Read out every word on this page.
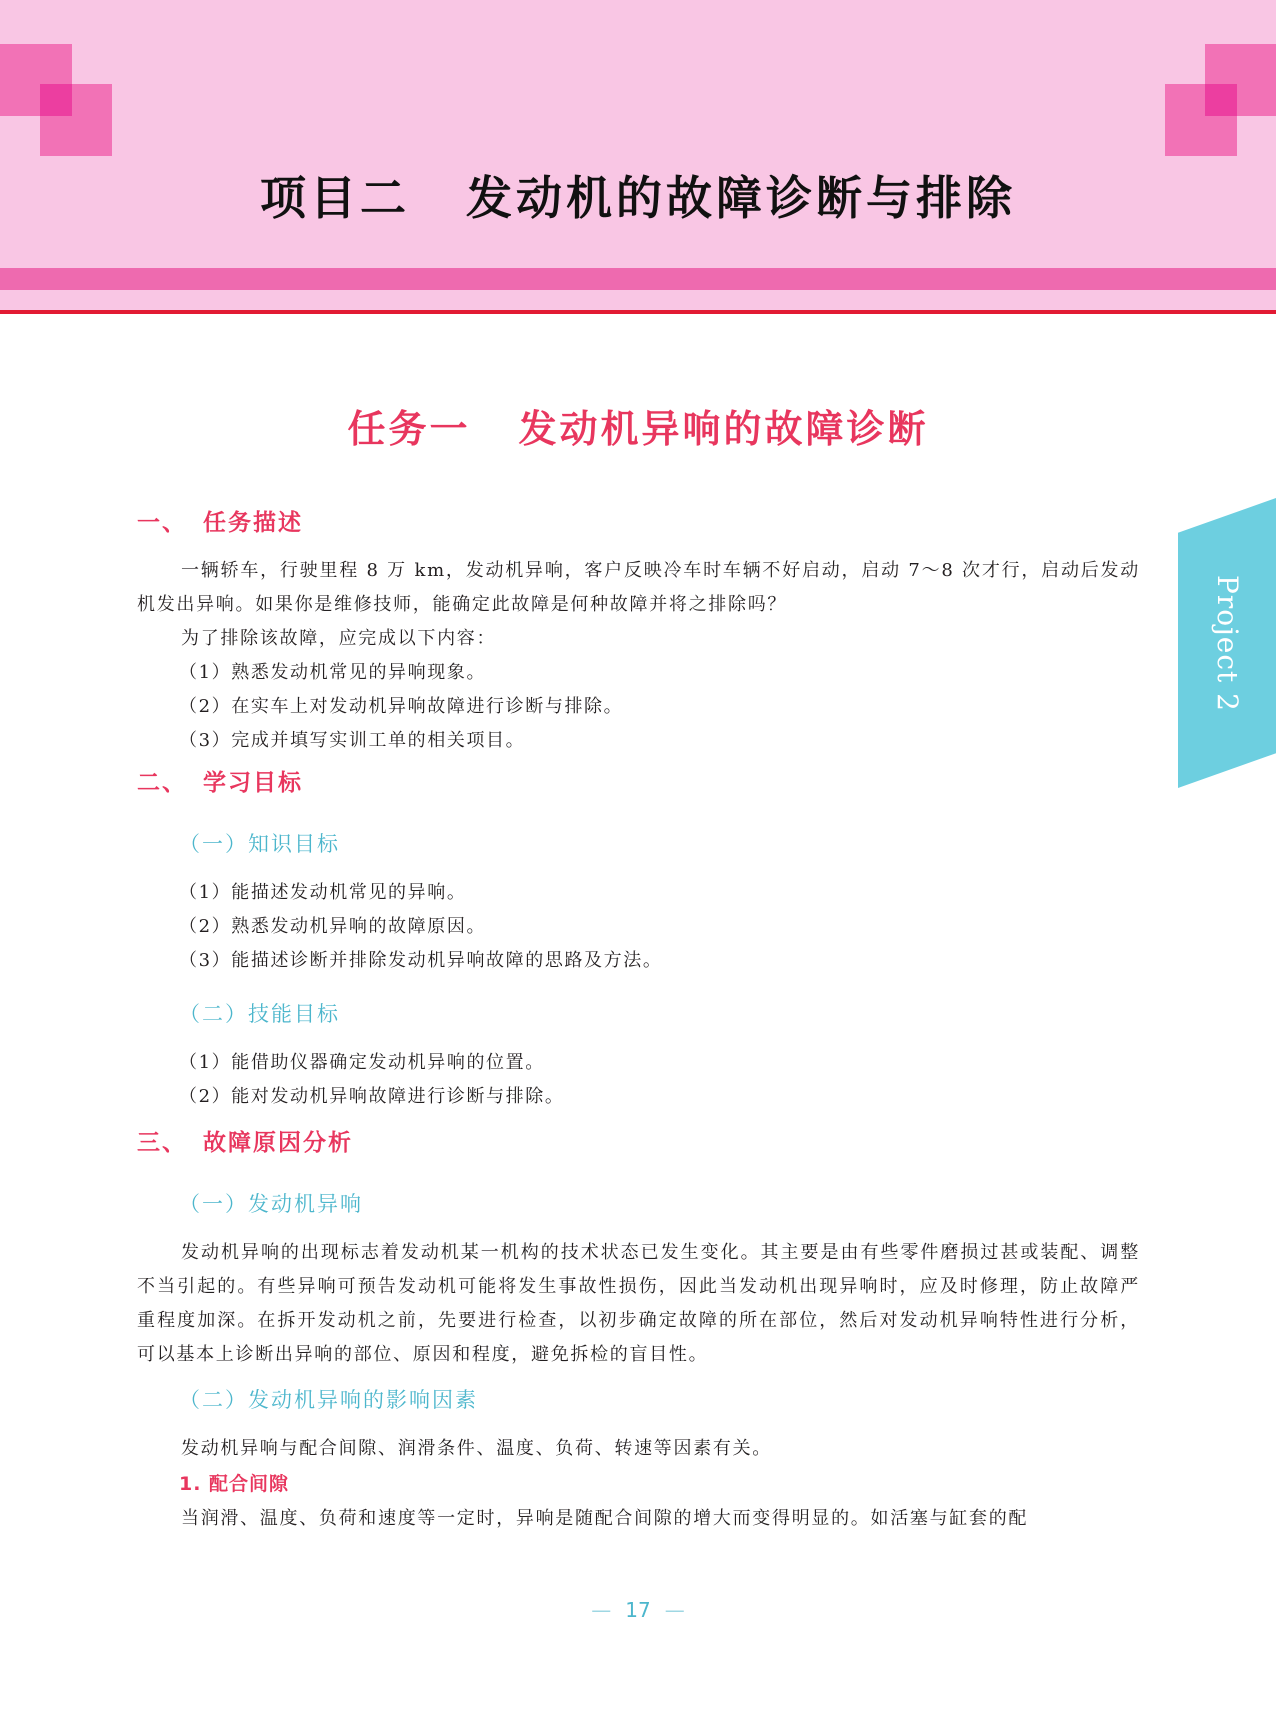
项目二 发动机的故障诊断与排除
任务一 发动机异响的故障诊断
Project 2
一、 任务描述

一辆轿车，行驶里程 8 万 km，发动机异响，客户反映冷车时车辆不好启动，启动 7～8 次才行，启动后发动机发出异响。如果你是维修技师，能确定此故障是何种故障并将之排除吗？

为了排除该故障，应完成以下内容：

（1）熟悉发动机常见的异响现象。
（2）在实车上对发动机异响故障进行诊断与排除。
（3）完成并填写实训工单的相关项目。
二、 学习目标
（一）知识目标
（1）能描述发动机常见的异响。
（2）熟悉发动机异响的故障原因。
（3）能描述诊断并排除发动机异响故障的思路及方法。
（二）技能目标
（1）能借助仪器确定发动机异响的位置。
（2）能对发动机异响故障进行诊断与排除。
三、 故障原因分析
（一）发动机异响

发动机异响的出现标志着发动机某一机构的技术状态已发生变化。其主要是由有些零件磨损过甚或装配、调整不当引起的。有些异响可预告发动机可能将发生事故性损伤，因此当发动机出现异响时，应及时修理，防止故障严重程度加深。在拆开发动机之前，先要进行检查，以初步确定故障的所在部位，然后对发动机异响特性进行分析，可以基本上诊断出异响的部位、原因和程度，避免拆检的盲目性。

（二）发动机异响的影响因素

发动机异响与配合间隙、润滑条件、温度、负荷、转速等因素有关。

1. 配合间隙

当润滑、温度、负荷和速度等一定时，异响是随配合间隙的增大而变得明显的。如活塞与缸套的配

— 17 —
